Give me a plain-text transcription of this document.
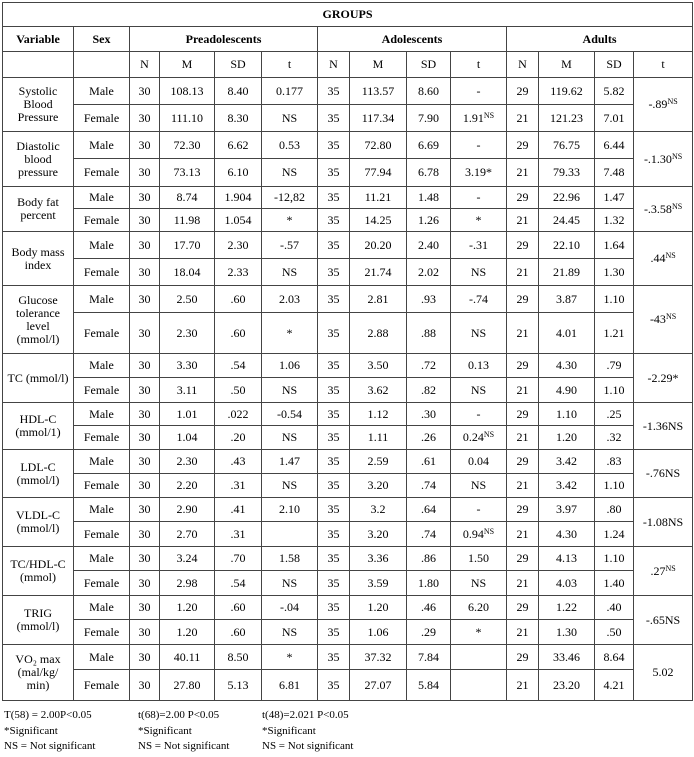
GROUPS													
Variable	Sex	Preadolescents				Adolescents				Adults			
		N	M	SD	t	N	M	SD	t	N	M	SD	t
Systolic Blood Pressure	Male	30	108.13	8.40	0.177	35	113.57	8.60	-	29	119.62	5.82	$-.89^{NS}$
	Female	30	111.10	8.30	NS	35	117.34	7.90	$1.91^{NS}$	21	121.23	7.01	
Diastolic blood pressure	Male	30	72.30	6.62	0.53	35	72.80	6.69	-	29	76.75	6.44	$-.1.30^{NS}$
	Female	30	73.13	6.10	NS	35	77.94	6.78	3.19*	21	79.33	7.48	
Body fat percent	Male	30	8.74	1.904	-12,82	35	11.21	1.48	-	29	22.96	1.47	$-.3.58^{NS}$
	Female	30	11.98	1.054	*	35	14.25	1.26	*	21	24.45	1.32	
Body mass index	Male	30	17.70	2.30	-.57	35	20.20	2.40	-.31	29	22.10	1.64	$.44^{NS}$
	Female	30	18.04	2.33	NS	35	21.74	2.02	NS	21	21.89	1.30	
Glucose tolerance level (mmol/l)	Male	30	2.50	.60	2.03	35	2.81	.93	-.74	29	3.87	1.10	$-43^{NS}$
	Female	30	2.30	.60	*	35	2.88	.88	NS	21	4.01	1.21	
TC (mmol/l)	Male	30	3.30	.54	1.06	35	3.50	.72	0.13	29	4.30	.79	-2.29*
	Female	30	3.11	.50	NS	35	3.62	.82	NS	21	4.90	1.10	
HDL-C (mmol/1)	Male	30	1.01	.022	-0.54	35	1.12	.30	-	29	1.10	.25	-1.36NS
	Female	30	1.04	.20	NS	35	1.11	.26	$0.24^{NS}$	21	1.20	.32	
LDL-C (mmol/l)	Male	30	2.30	.43	1.47	35	2.59	.61	0.04	29	3.42	.83	-.76NS
	Female	30	2.20	.31	NS	35	3.20	.74	NS	21	3.42	1.10	
VLDL-C (mmol/l)	Male	30	2.90	.41	2.10	35	3.2	.64	-	29	3.97	.80	-1.08NS
	Female	30	2.70	.31		35	3.20	.74	$0.94^{NS}$	21	4.30	1.24	
TC/HDL-C (mmol)	Male	30	3.24	.70	1.58	35	3.36	.86	1.50	29	4.13	1.10	$.27^{NS}$
	Female	30	2.98	.54	NS	35	3.59	1.80	NS	21	4.03	1.40	
TRIG (mmol/l)	Male	30	1.20	.60	-.04	35	1.20	.46	6.20	29	1.22	.40	-.65NS
	Female	30	1.20	.60	NS	35	1.06	.29	*	21	1.30	.50	
VO₂ max (mal/kg/ min)	Male	30	40.11	8.50	*	35	37.32	7.84		29	33.46	8.64	5.02
	Female	30	27.80	5.13	6.81	35	27.07	5.84		21	23.20	4.21	
T(58) = 2.00P<0.05
*Significant
NS = Not significant
t(68)=2.00 P<0.05
*Significant
NS = Not significant
t(48)=2.021 P<0.05
*Significant
NS = Not significant
